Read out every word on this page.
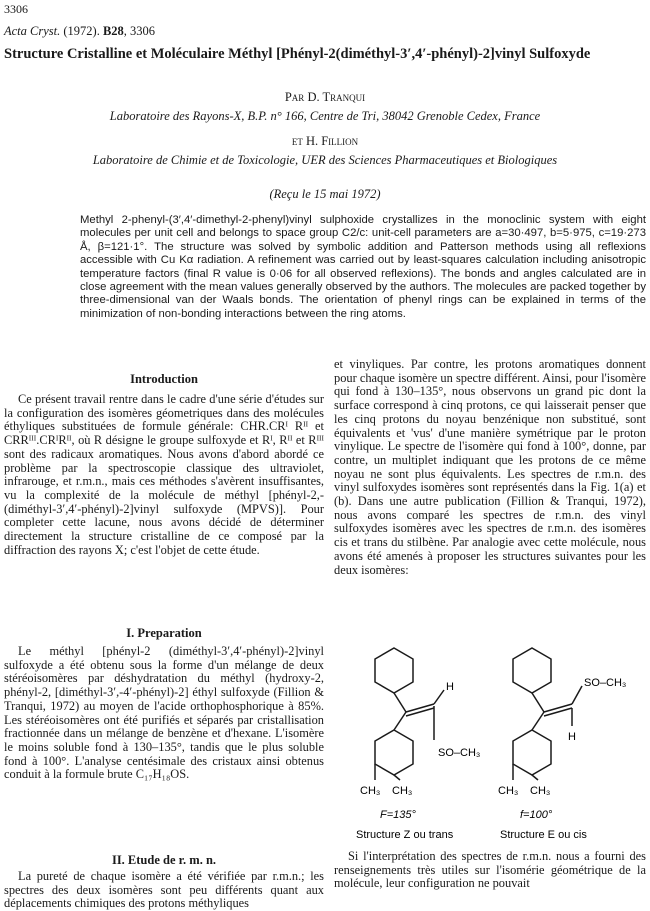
3306
Acta Cryst. (1972). B28, 3306
Structure Cristalline et Moléculaire Méthyl [Phényl-2(diméthyl-3′,4′-phényl)-2]vinyl Sulfoxyde
Par D. Tranqui
Laboratoire des Rayons-X, B.P. n° 166, Centre de Tri, 38042 Grenoble Cedex, France
et H. Fillion
Laboratoire de Chimie et de Toxicologie, UER des Sciences Pharmaceutiques et Biologiques
(Reçu le 15 mai 1972)
Methyl 2-phenyl-(3′,4′-dimethyl-2-phenyl)vinyl sulphoxide crystallizes in the monoclinic system with eight molecules per unit cell and belongs to space group C2/c: unit-cell parameters are a=30·497, b=5·975, c=19·273 Å, β=121·1°. The structure was solved by symbolic addition and Patterson methods using all reflexions accessible with Cu Kα radiation. A refinement was carried out by least-squares calculation including anisotropic temperature factors (final R value is 0·06 for all observed reflexions). The bonds and angles calculated are in close agreement with the mean values generally observed by the authors. The molecules are packed together by three-dimensional van der Waals bonds. The orientation of phenyl rings can be explained in terms of the minimization of non-bonding interactions between the ring atoms.
Introduction
Ce présent travail rentre dans le cadre d'une série d'études sur la configuration des isomères géometriques dans des molécules éthyliques substituées de formule générale: CHR.CRᴵ Rᴵᴵ et CRRᴵᴵᴵ.CRᴵRᴵᴵ, où R désigne le groupe sulfoxyde et Rᴵ, Rᴵᴵ et Rᴵᴵᴵ sont des radicaux aromatiques. Nous avons d'abord abordé ce problème par la spectroscopie classique des ultraviolet, infrarouge, et r.m.n., mais ces méthodes s'avèrent insuffisantes, vu la complexité de la molécule de méthyl [phényl-2,- (diméthyl-3′,4′-phényl)-2]vinyl sulfoxyde (MPVS)]. Pour completer cette lacune, nous avons décidé de déterminer directement la structure cristalline de ce composé par la diffraction des rayons X; c'est l'objet de cette étude.
I. Preparation
Le méthyl [phényl-2 (diméthyl-3′,4′-phényl)-2]vinyl sulfoxyde a été obtenu sous la forme d'un mélange de deux stéréoisomères par déshydratation du méthyl (hydroxy-2, phényl-2, [diméthyl-3′,-4′-phényl)-2] éthyl sulfoxyde (Fillion & Tranqui, 1972) au moyen de l'acide orthophosphorique à 85%. Les stéréoisomères ont été purifiés et séparés par cristallisation fractionnée dans un mélange de benzène et d'hexane. L'isomère le moins soluble fond à 130–135°, tandis que le plus soluble fond à 100°. L'analyse centésimale des cristaux ainsi obtenus conduit à la formule brute C₁₇H₁₈OS.
II. Etude de r. m. n.
La pureté de chaque isomère a été vérifiée par r.m.n.; les spectres des deux isomères sont peu différents quant aux déplacements chimiques des protons méthyliques
et vinyliques. Par contre, les protons aromatiques donnent pour chaque isomère un spectre différent. Ainsi, pour l'isomère qui fond à 130–135°, nous observons un grand pic dont la surface correspond à cinq protons, ce qui laisserait penser que les cinq protons du noyau benzénique non substitué, sont équivalents et 'vus' d'une manière symétrique par le proton vinylique. Le spectre de l'isomère qui fond à 100°, donne, par contre, un multiplet indiquant que les protons de ce même noyau ne sont plus équivalents. Les spectres de r.m.n. des vinyl sulfoxydes isomères sont représentés dans la Fig. 1(a) et (b). Dans une autre publication (Fillion & Tranqui, 1972), nous avons comparé les spectres de r.m.n. des vinyl sulfoxydes isomères avec les spectres de r.m.n. des isomères cis et trans du stilbène. Par analogie avec cette molécule, nous avons été amenés à proposer les structures suivantes pour les deux isomères:
H
SO–CH₃
CH₃ CH₃
F=135°
Structure Z ou trans
SO–CH₃
H
CH₃ CH₃
f=100°
Structure E ou cis
Si l'interprétation des spectres de r.m.n. nous a fourni des renseignements très utiles sur l'isomérie géométrique de la molécule, leur configuration ne pouvait
